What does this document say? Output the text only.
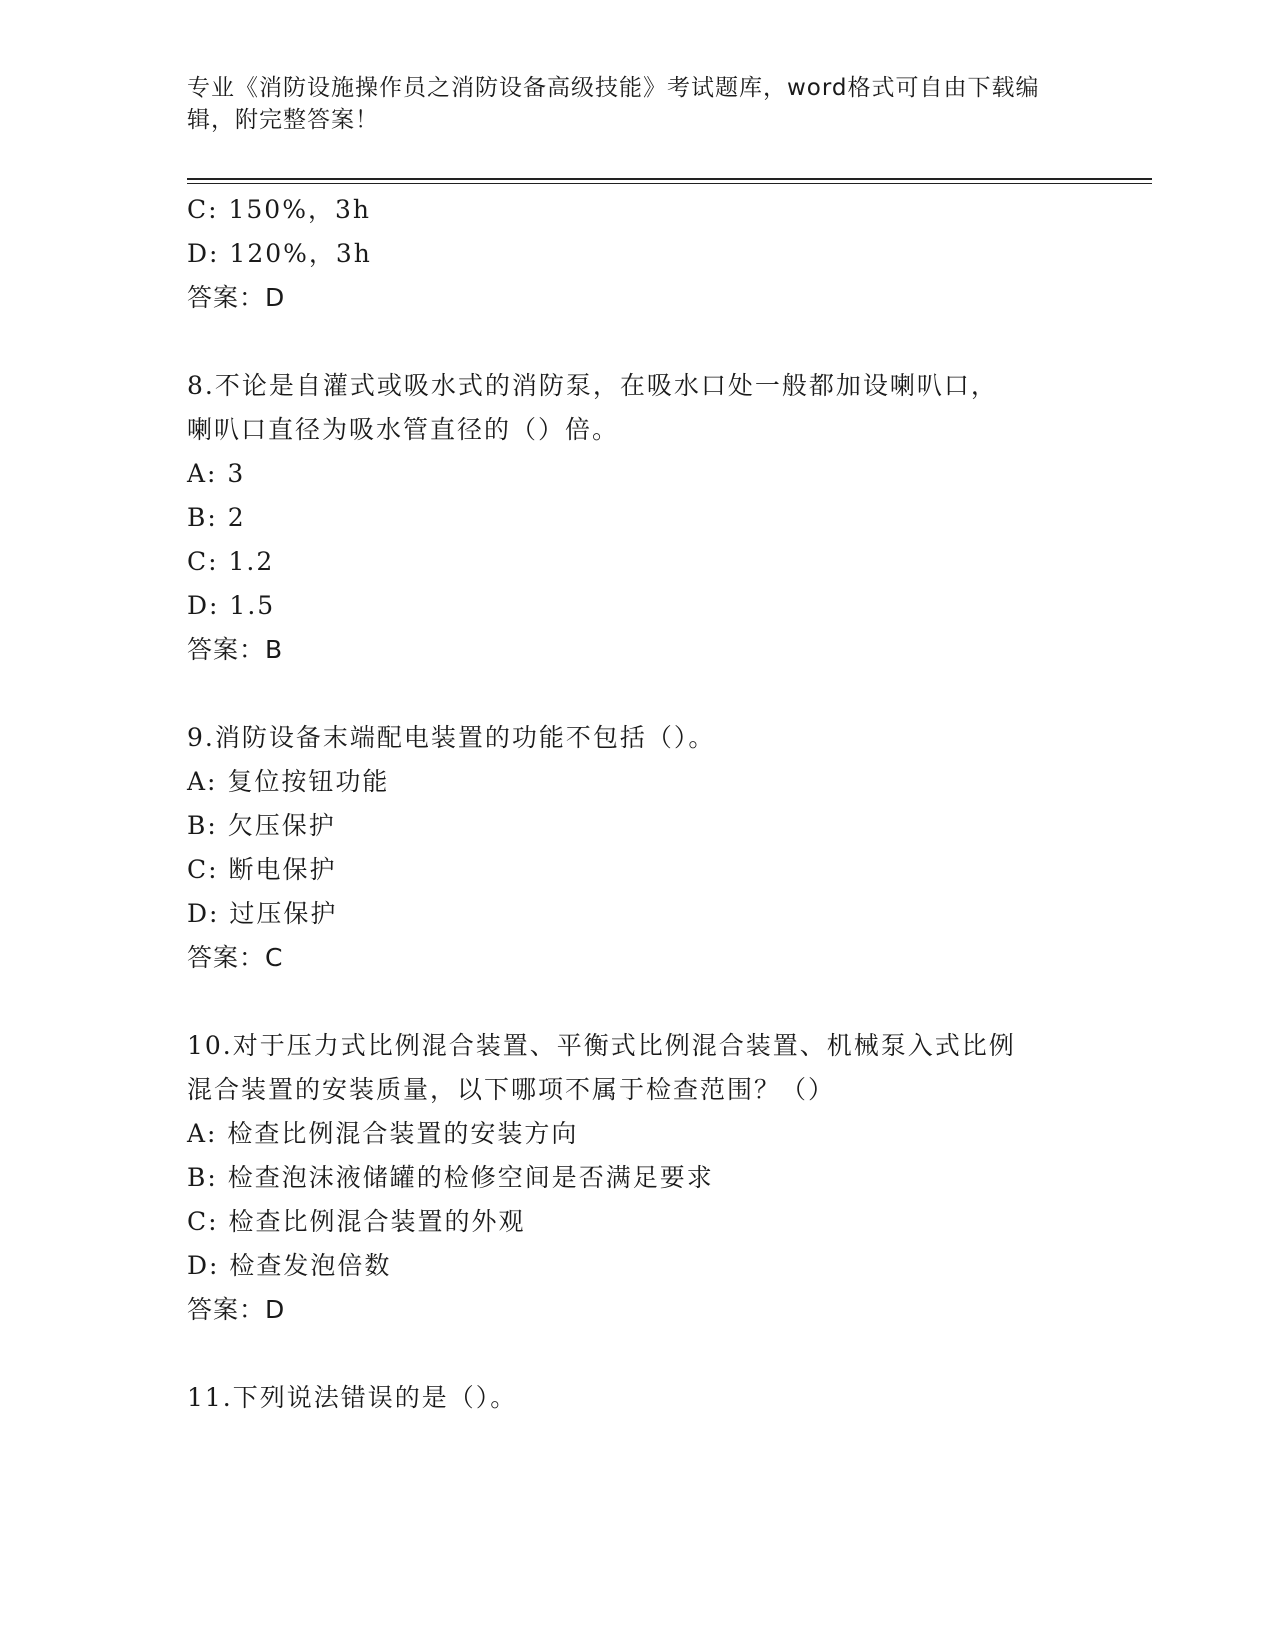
专业《消防设施操作员之消防设备高级技能》考试题库，word格式可自由下载编
辑，附完整答案！
C: 150%，3h
D: 120%，3h
答案：D
8.不论是自灌式或吸水式的消防泵，在吸水口处一般都加设喇叭口，
喇叭口直径为吸水管直径的（）倍。
A: 3
B: 2
C: 1.2
D: 1.5
答案：B
9.消防设备末端配电装置的功能不包括（）。
A: 复位按钮功能
B: 欠压保护
C: 断电保护
D: 过压保护
答案：C
10.对于压力式比例混合装置、平衡式比例混合装置、机械泵入式比例
混合装置的安装质量，以下哪项不属于检查范围？（）
A: 检查比例混合装置的安装方向
B: 检查泡沫液储罐的检修空间是否满足要求
C: 检查比例混合装置的外观
D: 检查发泡倍数
答案：D
11.下列说法错误的是（）。
